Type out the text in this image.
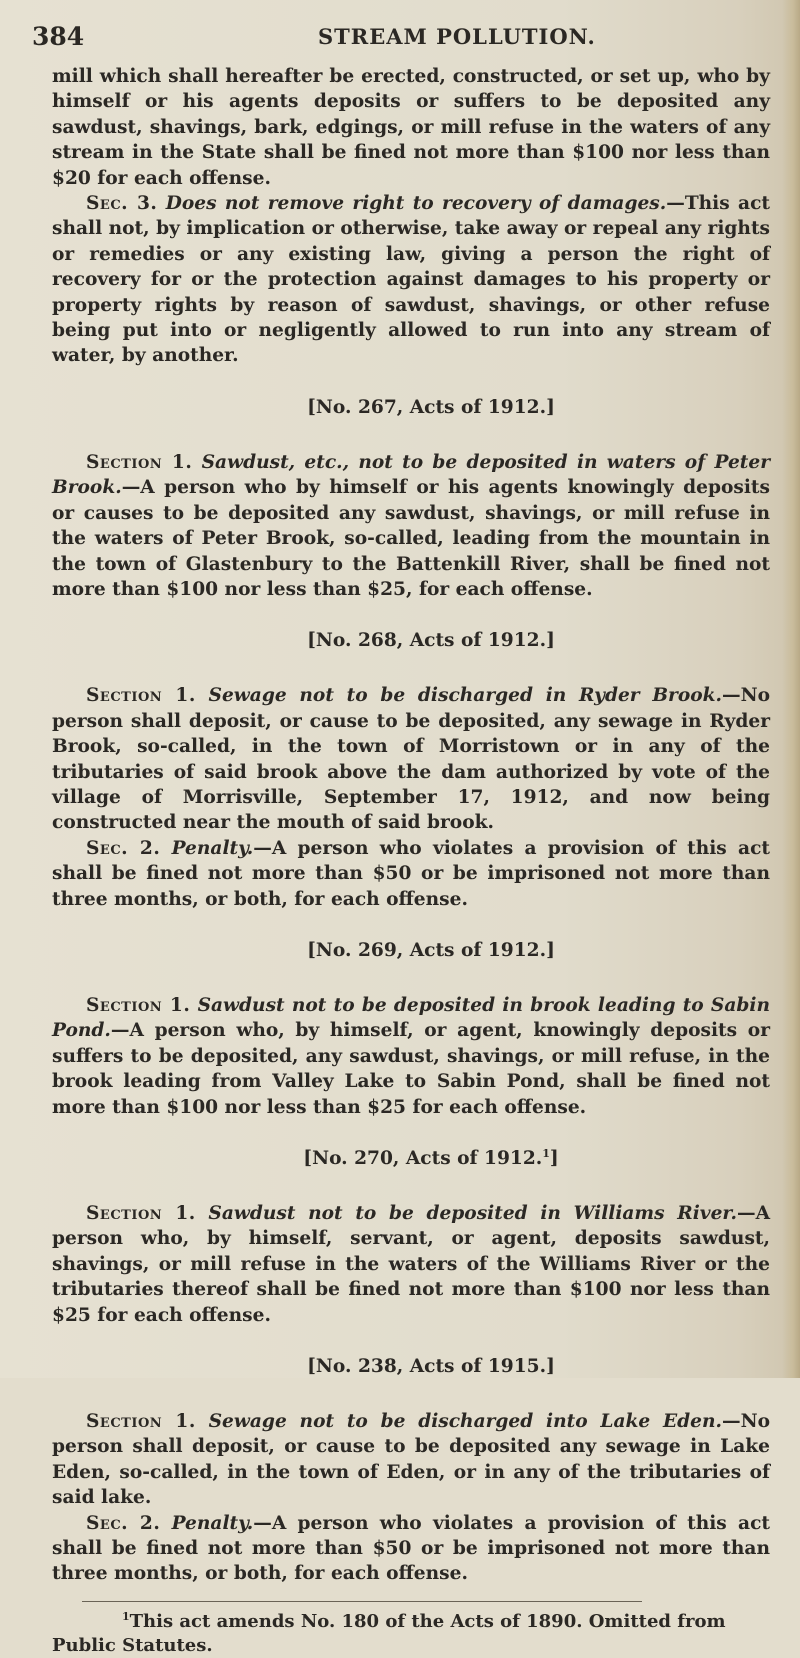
384	STREAM POLLUTION.

mill which shall hereafter be erected, constructed, or set up, who by himself or his agents deposits or suffers to be deposited any sawdust, shavings, bark, edgings, or mill refuse in the waters of any stream in the State shall be fined not more than $100 nor less than $20 for each offense.

Sec. 3. Does not remove right to recovery of damages.—This act shall not, by implication or otherwise, take away or repeal any rights or remedies or any existing law, giving a person the right of recovery for or the protection against damages to his property or property rights by reason of sawdust, shavings, or other refuse being put into or negligently allowed to run into any stream of water, by another.

[No. 267, Acts of 1912.]

Section 1. Sawdust, etc., not to be deposited in waters of Peter Brook.—A person who by himself or his agents knowingly deposits or causes to be deposited any sawdust, shavings, or mill refuse in the waters of Peter Brook, so-called, leading from the mountain in the town of Glastenbury to the Battenkill River, shall be fined not more than $100 nor less than $25, for each offense.

[No. 268, Acts of 1912.]

Section 1. Sewage not to be discharged in Ryder Brook.—No person shall deposit, or cause to be deposited, any sewage in Ryder Brook, so-called, in the town of Morristown or in any of the tributaries of said brook above the dam authorized by vote of the village of Morrisville, September 17, 1912, and now being constructed near the mouth of said brook.

Sec. 2. Penalty.—A person who violates a provision of this act shall be fined not more than $50 or be imprisoned not more than three months, or both, for each offense.

[No. 269, Acts of 1912.]

Section 1. Sawdust not to be deposited in brook leading to Sabin Pond.—A person who, by himself, or agent, knowingly deposits or suffers to be deposited, any sawdust, shavings, or mill refuse, in the brook leading from Valley Lake to Sabin Pond, shall be fined not more than $100 nor less than $25 for each offense.

[No. 270, Acts of 1912.$^1$]

Section 1. Sawdust not to be deposited in Williams River.—A person who, by himself, servant, or agent, deposits sawdust, shavings, or mill refuse in the waters of the Williams River or the tributaries thereof shall be fined not more than $100 nor less than $25 for each offense.

[No. 238, Acts of 1915.]

Section 1. Sewage not to be discharged into Lake Eden.—No person shall deposit, or cause to be deposited any sewage in Lake Eden, so-called, in the town of Eden, or in any of the tributaries of said lake.

Sec. 2. Penalty.—A person who violates a provision of this act shall be fined not more than $50 or be imprisoned not more than three months, or both, for each offense.

$^1$This act amends No. 180 of the Acts of 1890. Omitted from Public Statutes.
